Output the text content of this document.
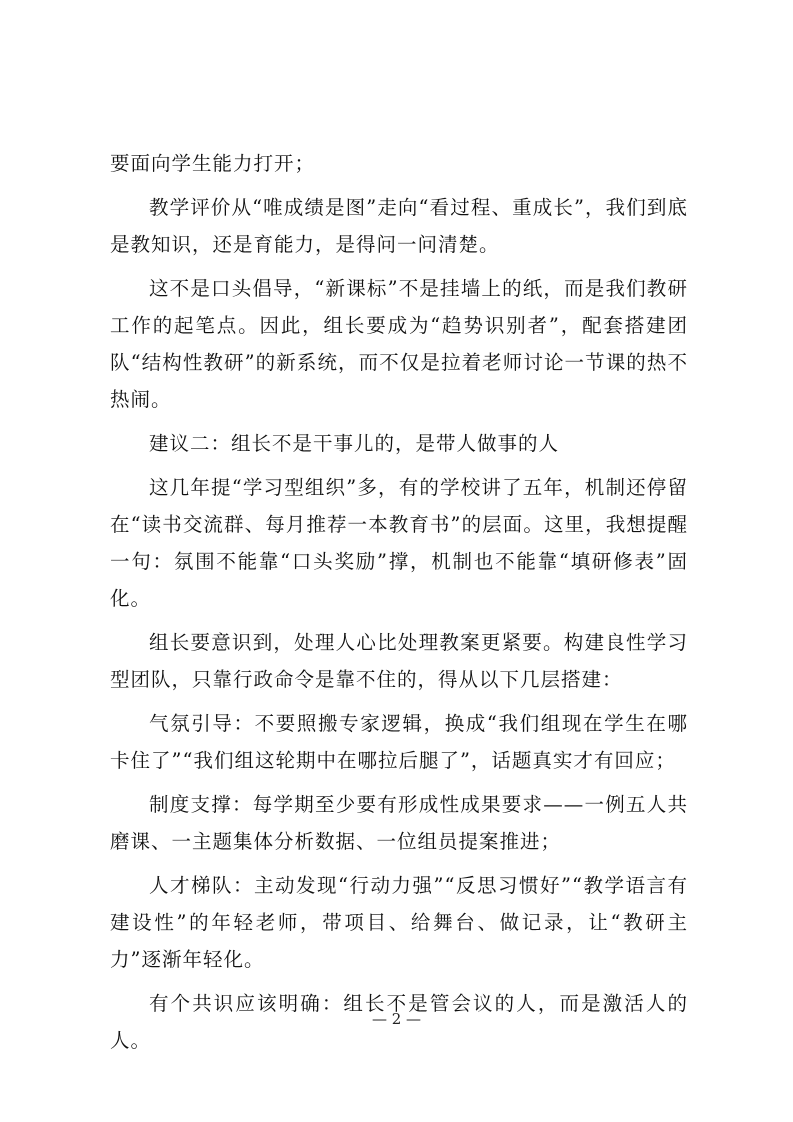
要面向学生能力打开；

教学评价从“唯成绩是图”走向“看过程、重成长”，我们到底是教知识，还是育能力，是得问一问清楚。

这不是口头倡导，“新课标”不是挂墙上的纸，而是我们教研工作的起笔点。因此，组长要成为“趋势识别者”，配套搭建团队“结构性教研”的新系统，而不仅是拉着老师讨论一节课的热不热闹。

建议二：组长不是干事儿的，是带人做事的人

这几年提“学习型组织”多，有的学校讲了五年，机制还停留在“读书交流群、每月推荐一本教育书”的层面。这里，我想提醒一句：氛围不能靠“口头奖励”撑，机制也不能靠“填研修表”固化。

组长要意识到，处理人心比处理教案更紧要。构建良性学习型团队，只靠行政命令是靠不住的，得从以下几层搭建：

气氛引导：不要照搬专家逻辑，换成“我们组现在学生在哪卡住了”“我们组这轮期中在哪拉后腿了”，话题真实才有回应；

制度支撑：每学期至少要有形成性成果要求——一例五人共磨课、一主题集体分析数据、一位组员提案推进；

人才梯队：主动发现“行动力强”“反思习惯好”“教学语言有建设性”的年轻老师，带项目、给舞台、做记录，让“教研主力”逐渐年轻化。

有个共识应该明确：组长不是管会议的人，而是激活人的人。

— 2 —
